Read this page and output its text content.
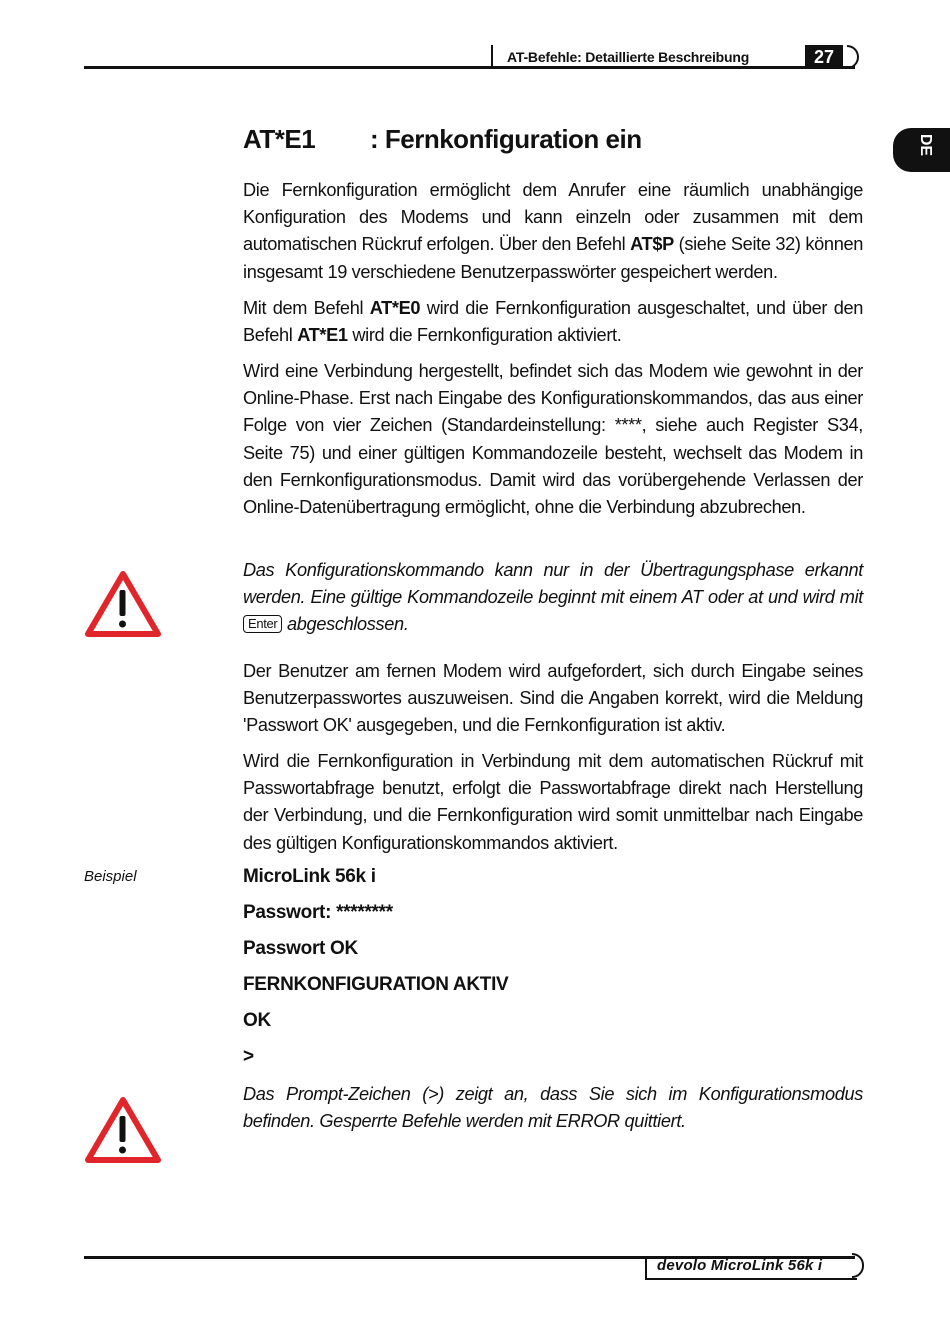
AT-Befehle: Detaillierte Beschreibung	27
DE
AT*E1 : Fernkonfiguration ein

Die Fernkonfiguration ermöglicht dem Anrufer eine räumlich unabhängige Konfiguration des Modems und kann einzeln oder zusammen mit dem automatischen Rückruf erfolgen. Über den Befehl AT$P (siehe Seite 32) können insgesamt 19 verschiedene Benutzerpasswörter gespeichert werden.

Mit dem Befehl AT*E0 wird die Fernkonfiguration ausgeschaltet, und über den Befehl AT*E1 wird die Fernkonfiguration aktiviert.

Wird eine Verbindung hergestellt, befindet sich das Modem wie gewohnt in der Online-Phase. Erst nach Eingabe des Konfigurationskommandos, das aus einer Folge von vier Zeichen (Standardeinstellung: ****, siehe auch Register S34, Seite 75) und einer gültigen Kommandozeile besteht, wechselt das Modem in den Fernkonfigurationsmodus. Damit wird das vorübergehende Verlassen der Online-Datenübertragung ermöglicht, ohne die Verbindung abzubrechen.

Das Konfigurationskommando kann nur in der Übertragungsphase erkannt werden. Eine gültige Kommandozeile beginnt mit einem AT oder at und wird mit Enter abgeschlossen.

Der Benutzer am fernen Modem wird aufgefordert, sich durch Eingabe seines Benutzerpasswortes auszuweisen. Sind die Angaben korrekt, wird die Meldung 'Passwort OK' ausgegeben, und die Fernkonfiguration ist aktiv.

Wird die Fernkonfiguration in Verbindung mit dem automatischen Rückruf mit Passwortabfrage benutzt, erfolgt die Passwortabfrage direkt nach Herstellung der Verbindung, und die Fernkonfiguration wird somit unmittelbar nach Eingabe des gültigen Konfigurationskommandos aktiviert.

Beispiel	MicroLink 56k i
Passwort: ********
Passwort OK
FERNKONFIGURATION AKTIV
OK
>

Das Prompt-Zeichen (>) zeigt an, dass Sie sich im Konfigurationsmodus befinden. Gesperrte Befehle werden mit ERROR quittiert.

devolo MicroLink 56k i
